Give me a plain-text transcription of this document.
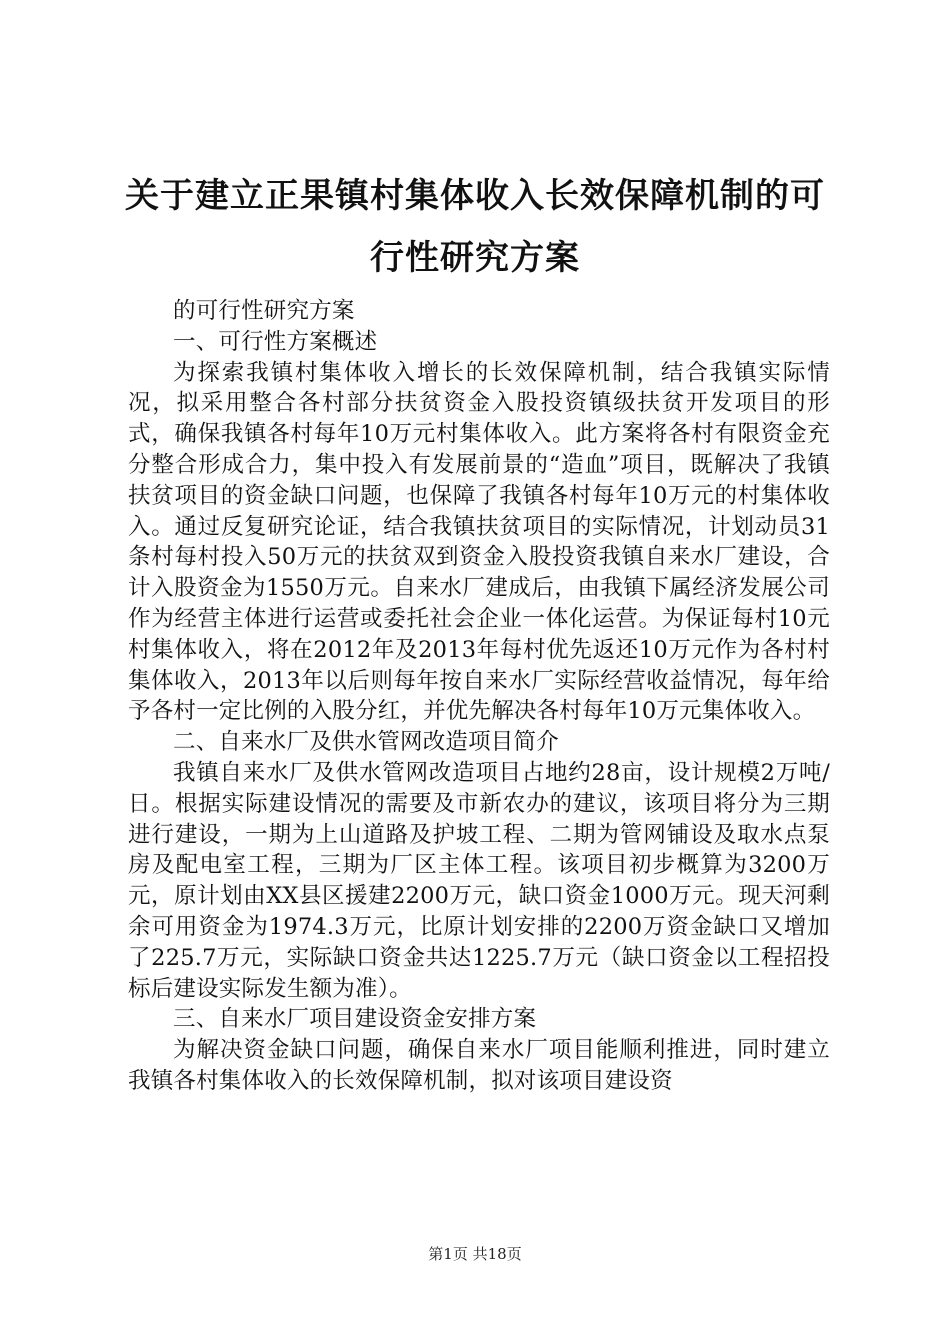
关于建立正果镇村集体收入长效保障机制的可
行性研究方案

的可行性研究方案

一、可行性方案概述

为探索我镇村集体收入增长的长效保障机制，结合我镇实际情况，拟采用整合各村部分扶贫资金入股投资镇级扶贫开发项目的形式，确保我镇各村每年10万元村集体收入。此方案将各村有限资金充分整合形成合力，集中投入有发展前景的“造血”项目，既解决了我镇扶贫项目的资金缺口问题，也保障了我镇各村每年10万元的村集体收入。通过反复研究论证，结合我镇扶贫项目的实际情况，计划动员31条村每村投入50万元的扶贫双到资金入股投资我镇自来水厂建设，合计入股资金为1550万元。自来水厂建成后，由我镇下属经济发展公司作为经营主体进行运营或委托社会企业一体化运营。为保证每村10元村集体收入，将在2012年及2013年每村优先返还10万元作为各村村集体收入，2013年以后则每年按自来水厂实际经营收益情况，每年给予各村一定比例的入股分红，并优先解决各村每年10万元集体收入。

二、自来水厂及供水管网改造项目简介

我镇自来水厂及供水管网改造项目占地约28亩，设计规模2万吨/日。根据实际建设情况的需要及市新农办的建议，该项目将分为三期进行建设，一期为上山道路及护坡工程、二期为管网铺设及取水点泵房及配电室工程，三期为厂区主体工程。该项目初步概算为3200万元，原计划由XX县区援建2200万元，缺口资金1000万元。现天河剩余可用资金为1974.3万元，比原计划安排的2200万资金缺口又增加了225.7万元，实际缺口资金共达1225.7万元（缺口资金以工程招投标后建设实际发生额为准）。

三、自来水厂项目建设资金安排方案

为解决资金缺口问题，确保自来水厂项目能顺利推进，同时建立我镇各村集体收入的长效保障机制，拟对该项目建设资

第1页 共18页
